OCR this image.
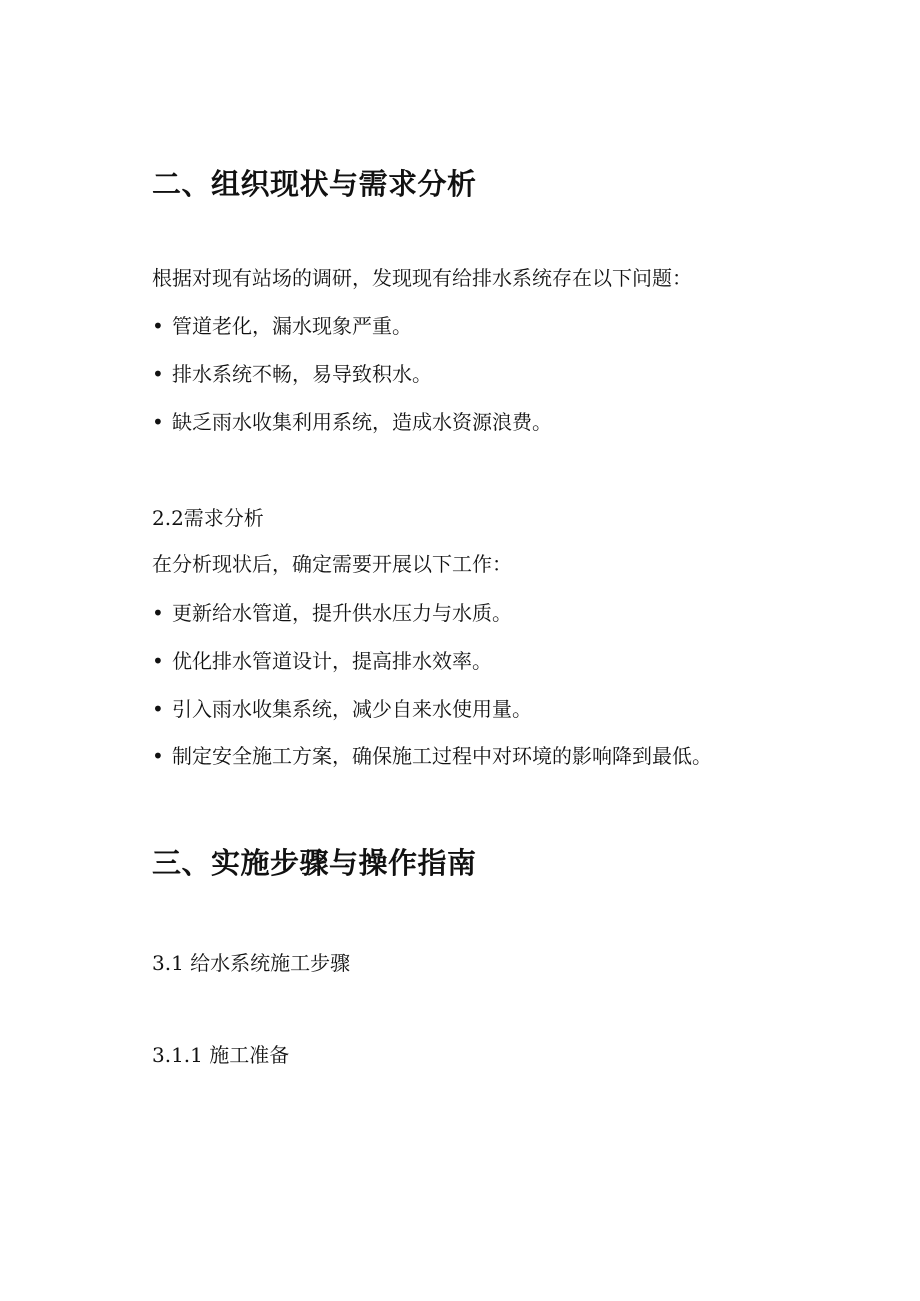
二、组织现状与需求分析

根据对现有站场的调研，发现现有给排水系统存在以下问题：

• 管道老化，漏水现象严重。
• 排水系统不畅，易导致积水。
• 缺乏雨水收集利用系统，造成水资源浪费。

2.2需求分析

在分析现状后，确定需要开展以下工作：

• 更新给水管道，提升供水压力与水质。
• 优化排水管道设计，提高排水效率。
• 引入雨水收集系统，减少自来水使用量。
• 制定安全施工方案，确保施工过程中对环境的影响降到最低。
三、实施步骤与操作指南

3.1 给水系统施工步骤

3.1.1 施工准备
